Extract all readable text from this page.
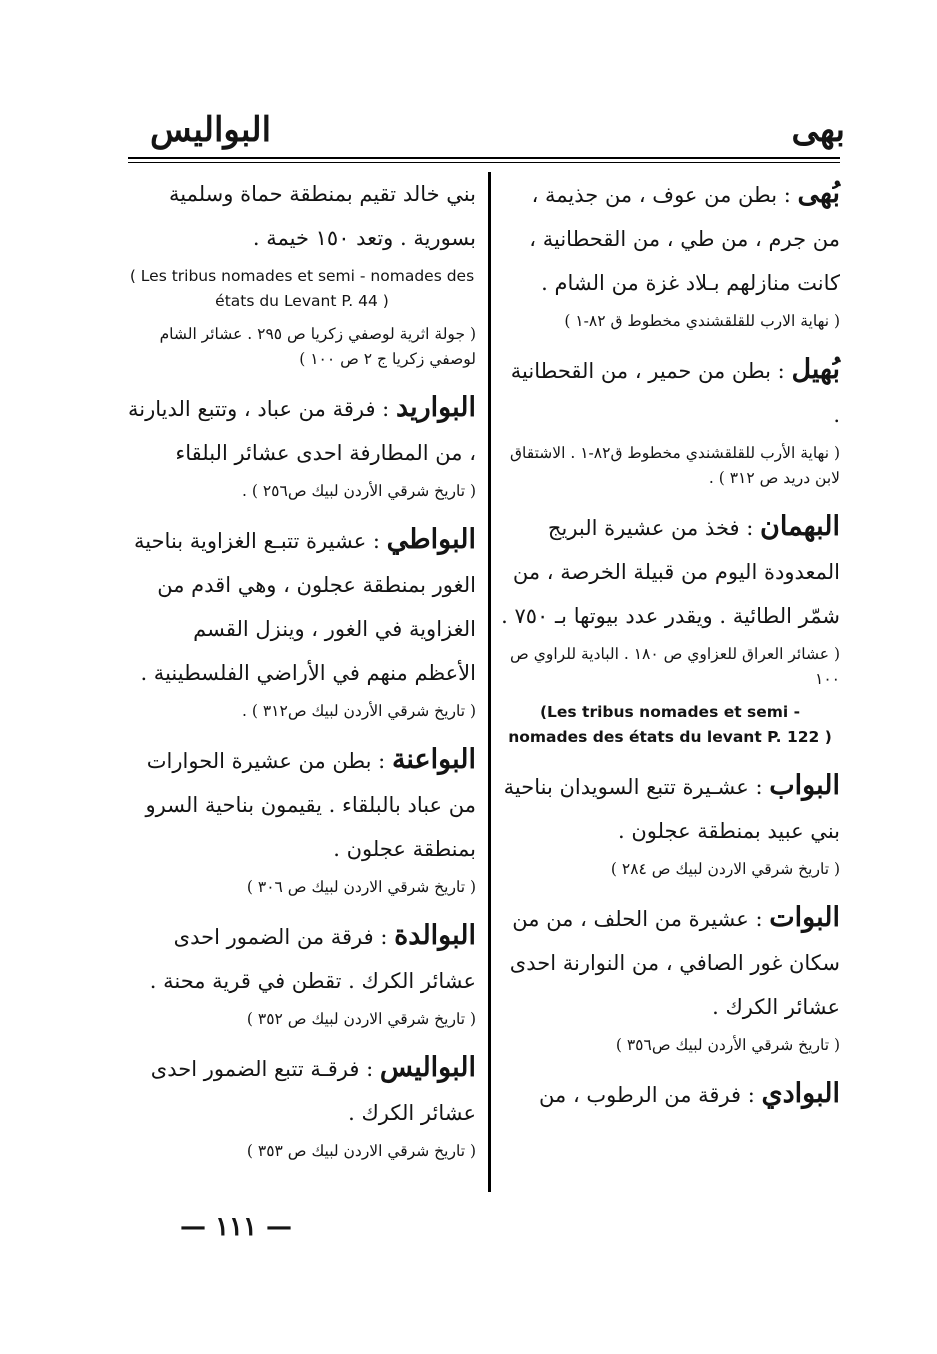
بهى
البواليس

بُهى : بطن من عوف ، من جذيمة ، من جرم ، من طي ، من القحطانية ، كانت منازلهم بـلاد غزة من الشام .

( نهاية الارب للقلقشندي مخطوط ق ٨٢-١ )

بُهيل : بطن من حمير ، من القحطانية .

( نهاية الأرب للقلقشندي مخطوط ق٨٢-١ . الاشتقاق لابن دريد ص ٣١٢ ) .

البهمان : فخذ من عشيرة البريج المعدودة اليوم من قبيلة الخرصة ، من شمّر الطائية . ويقدر عدد بيوتها بـ ٧٥٠ .

( عشائر العراق للعزاوي ص ١٨٠ . البادية للراوي ص ١٠٠
(Les tribus nomades et semi - nomades des états du levant P. 122 )

البواب : عشـيرة تتبع السويدان بناحية بني عبيد بمنطقة عجلون .

( تاريخ شرقي الاردن لبيك ص ٢٨٤ )

البوات : عشيرة من الحلف ، من من سكان غور الصافي ، من النوارنة احدى عشائر الكرك .

( تاريخ شرقي الأردن لبيك ص٣٥٦ )

البوادي : فرقة من الرطوب ، من

بني خالد تقيم بمنطقة حماة وسلمية بسورية . وتعد ١٥٠ خيمة .

( Les tribus nomades et semi - nomades des états du Levant P. 44 )
( جولة اثرية لوصفي زكريا ص ٢٩٥ . عشائر الشام لوصفي زكريا ج ٢ ص ١٠٠ )

البواريد : فرقة من عباد ، وتتبع الديارنة ، من المطارفة احدى عشائر البلقاء

( تاريخ شرقي الأردن لبيك ص٢٥٦ ) .

البواطي : عشيرة تتبـع الغزاوية بناحية الغور بمنطقة عجلون ، وهي اقدم من الغزاوية في الغور ، وينزل القسم الأعظم منهم في الأراضي الفلسطينية .

( تاريخ شرقي الأردن لبيك ص٣١٢ ) .

البواعنة : بطن من عشيرة الحوارات من عباد بالبلقاء . يقيمون بناحية السرو بمنطقة عجلون .

( تاريخ شرقي الاردن لبيك ص ٣٠٦ )

البوالدة : فرقة من الضمور احدى عشائر الكرك . تقطن في قرية محنة .

( تاريخ شرقي الاردن لبيك ص ٣٥٢ )

البواليس : فرقـة تتبع الضمور احدى عشائر الكرك .

( تاريخ شرقي الاردن لبيك ص ٣٥٣ )
— ١١١ —
